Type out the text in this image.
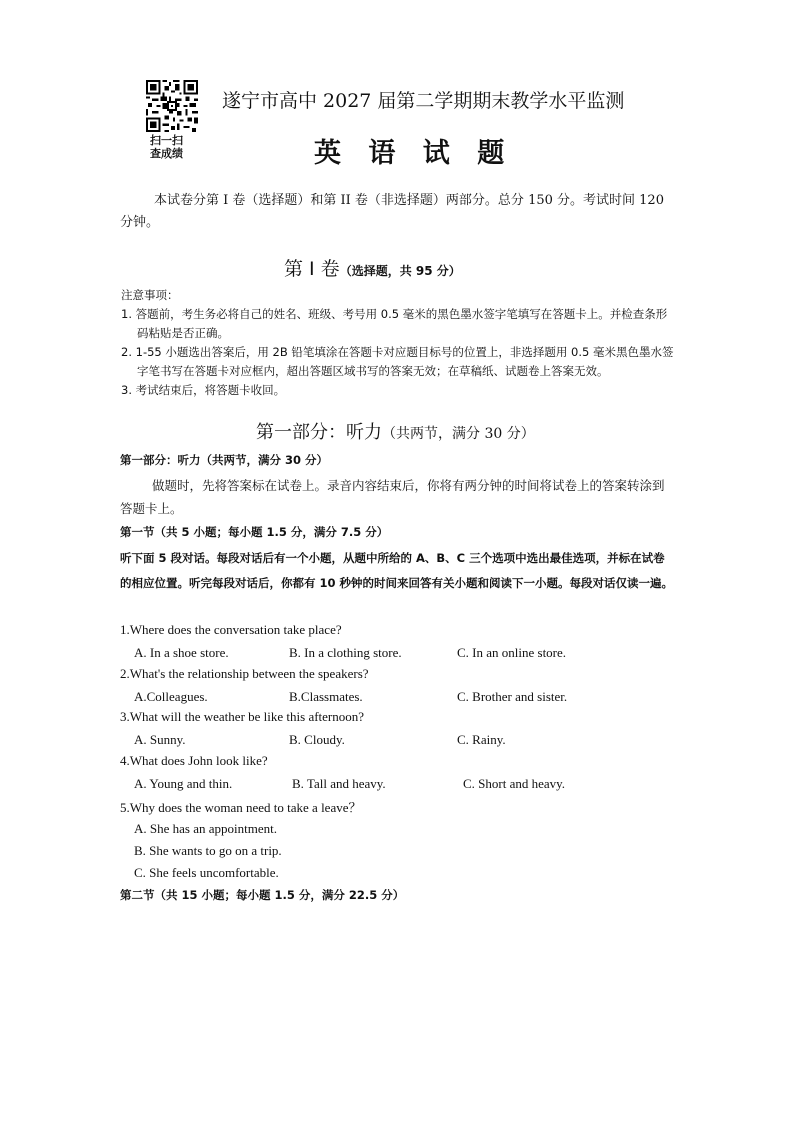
扫一扫
查成绩
遂宁市高中 2027 届第二学期期末教学水平监测
英 语 试 题
本试卷分第 I 卷（选择题）和第 II 卷（非选择题）两部分。总分 150 分。考试时间 120 分钟。
第 Ⅰ 卷（选择题，共 95 分）
注意事项：
1. 答题前，考生务必将自己的姓名、班级、考号用 0.5 毫米的黑色墨水签字笔填写在答题卡上。并检查条形码粘贴是否正确。
2. 1-55 小题选出答案后，用 2B 铅笔填涂在答题卡对应题目标号的位置上，非选择题用 0.5 毫米黑色墨水签字笔书写在答题卡对应框内，超出答题区域书写的答案无效；在草稿纸、试题卷上答案无效。
3. 考试结束后，将答题卡收回。
第一部分：听力（共两节，满分 30 分）
第一部分：听力（共两节，满分 30 分）
做题时，先将答案标在试卷上。录音内容结束后，你将有两分钟的时间将试卷上的答案转涂到答题卡上。
第一节（共 5 小题；每小题 1.5 分，满分 7.5 分）
听下面 5 段对话。每段对话后有一个小题，从题中所给的 A、B、C 三个选项中选出最佳选项，并标在试卷的相应位置。听完每段对话后，你都有 10 秒钟的时间来回答有关小题和阅读下一小题。每段对话仅读一遍。
1.Where does the conversation take place?
A. In a shoe store.	B. In a clothing store.	C. In an online store.
2.What's the relationship between the speakers?
A.Colleagues.	B.Classmates.	C. Brother and sister.
3.What will the weather be like this afternoon?
A. Sunny.	B. Cloudy.	C. Rainy.
4.What does John look like?
A. Young and thin.	B. Tall and heavy.	C. Short and heavy.
5.Why does the woman need to take a leave？
A. She has an appointment.
B. She wants to go on a trip.
C. She feels uncomfortable.
第二节（共 15 小题；每小题 1.5 分，满分 22.5 分）
